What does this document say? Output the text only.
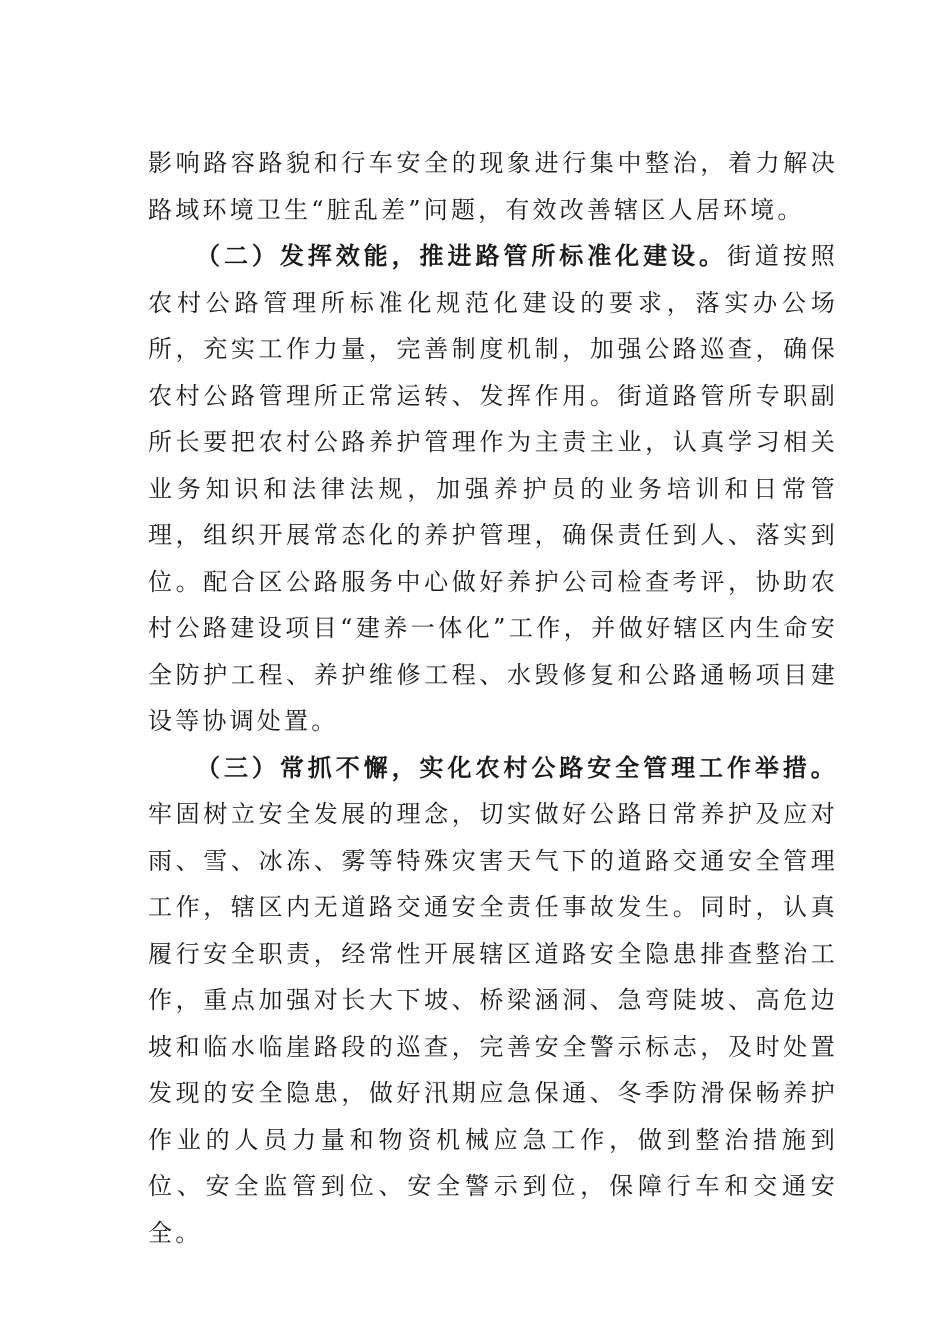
影响路容路貌和行车安全的现象进行集中整治，着力解决路域环境卫生“脏乱差”问题，有效改善辖区人居环境。

（二）发挥效能，推进路管所标准化建设。街道按照农村公路管理所标准化规范化建设的要求，落实办公场所，充实工作力量，完善制度机制，加强公路巡查，确保农村公路管理所正常运转、发挥作用。街道路管所专职副所长要把农村公路养护管理作为主责主业，认真学习相关业务知识和法律法规，加强养护员的业务培训和日常管理，组织开展常态化的养护管理，确保责任到人、落实到位。配合区公路服务中心做好养护公司检查考评，协助农村公路建设项目“建养一体化”工作，并做好辖区内生命安全防护工程、养护维修工程、水毁修复和公路通畅项目建设等协调处置。

（三）常抓不懈，实化农村公路安全管理工作举措。牢固树立安全发展的理念，切实做好公路日常养护及应对雨、雪、冰冻、雾等特殊灾害天气下的道路交通安全管理工作，辖区内无道路交通安全责任事故发生。同时，认真履行安全职责，经常性开展辖区道路安全隐患排查整治工作，重点加强对长大下坡、桥梁涵洞、急弯陡坡、高危边坡和临水临崖路段的巡查，完善安全警示标志，及时处置发现的安全隐患，做好汛期应急保通、冬季防滑保畅养护作业的人员力量和物资机械应急工作，做到整治措施到位、安全监管到位、安全警示到位，保障行车和交通安全。
